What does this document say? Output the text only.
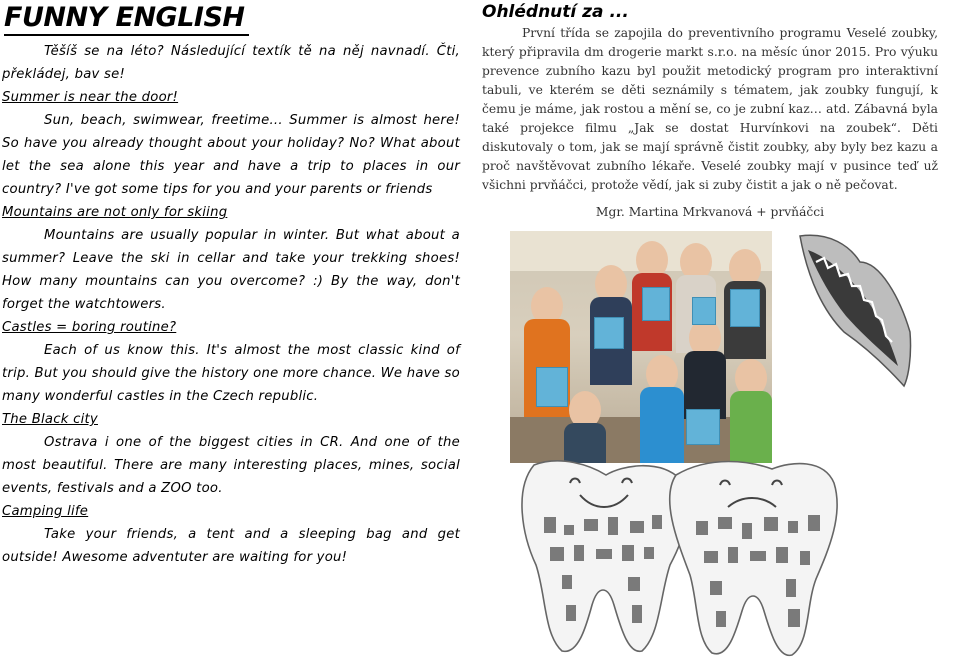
FUNNY ENGLISH

Těšíš se na léto? Následující textík tě na něj navnadí. Čti, překládej, bav se!

Summer is near the door!

Sun, beach, swimwear, freetime... Summer is almost here! So have you already thought about your holiday? No? What about let the sea alone this year and have a trip to places in our country? I've got some tips for you and your parents or friends

Mountains are not only for skiing

Mountains are usually popular in winter. But what about a summer? Leave the ski in cellar and take your trekking shoes! How many mountains can you overcome? :) By the way, don't forget the watchtowers.

Castles = boring routine?

Each of us know this. It's almost the most classic kind of trip. But you should give the history one more chance. We have so many wonderful castles in the Czech republic.

The Black city

Ostrava i one of the biggest cities in CR. And one of the most beautiful. There are many interesting places, mines, social events, festivals and a ZOO too.

Camping life

Take your friends, a tent and a sleeping bag and get outside! Awesome adventuter are waiting for you!

Ohlédnutí za ...

První třída se zapojila do preventivního programu Veselé zoubky, který připravila dm drogerie markt s.r.o. na měsíc únor 2015. Pro výuku prevence zubního kazu byl použit metodický program pro interaktivní tabuli, ve kterém se děti seznámily s tématem, jak zoubky fungují, k čemu je máme, jak rostou a mění se, co je zubní kaz… atd. Zábavná byla také projekce filmu „Jak se dostat Hurvínkovi na zoubek“. Děti diskutovaly o tom, jak se mají správně čistit zoubky, aby byly bez kazu a proč navštěvovat zubního lékaře. Veselé zoubky mají v pusince teď už všichni prvňáčci, protože vědí, jak si zuby čistit a jak o ně pečovat.

Mgr. Martina Mrkvanová + prvňáčci
